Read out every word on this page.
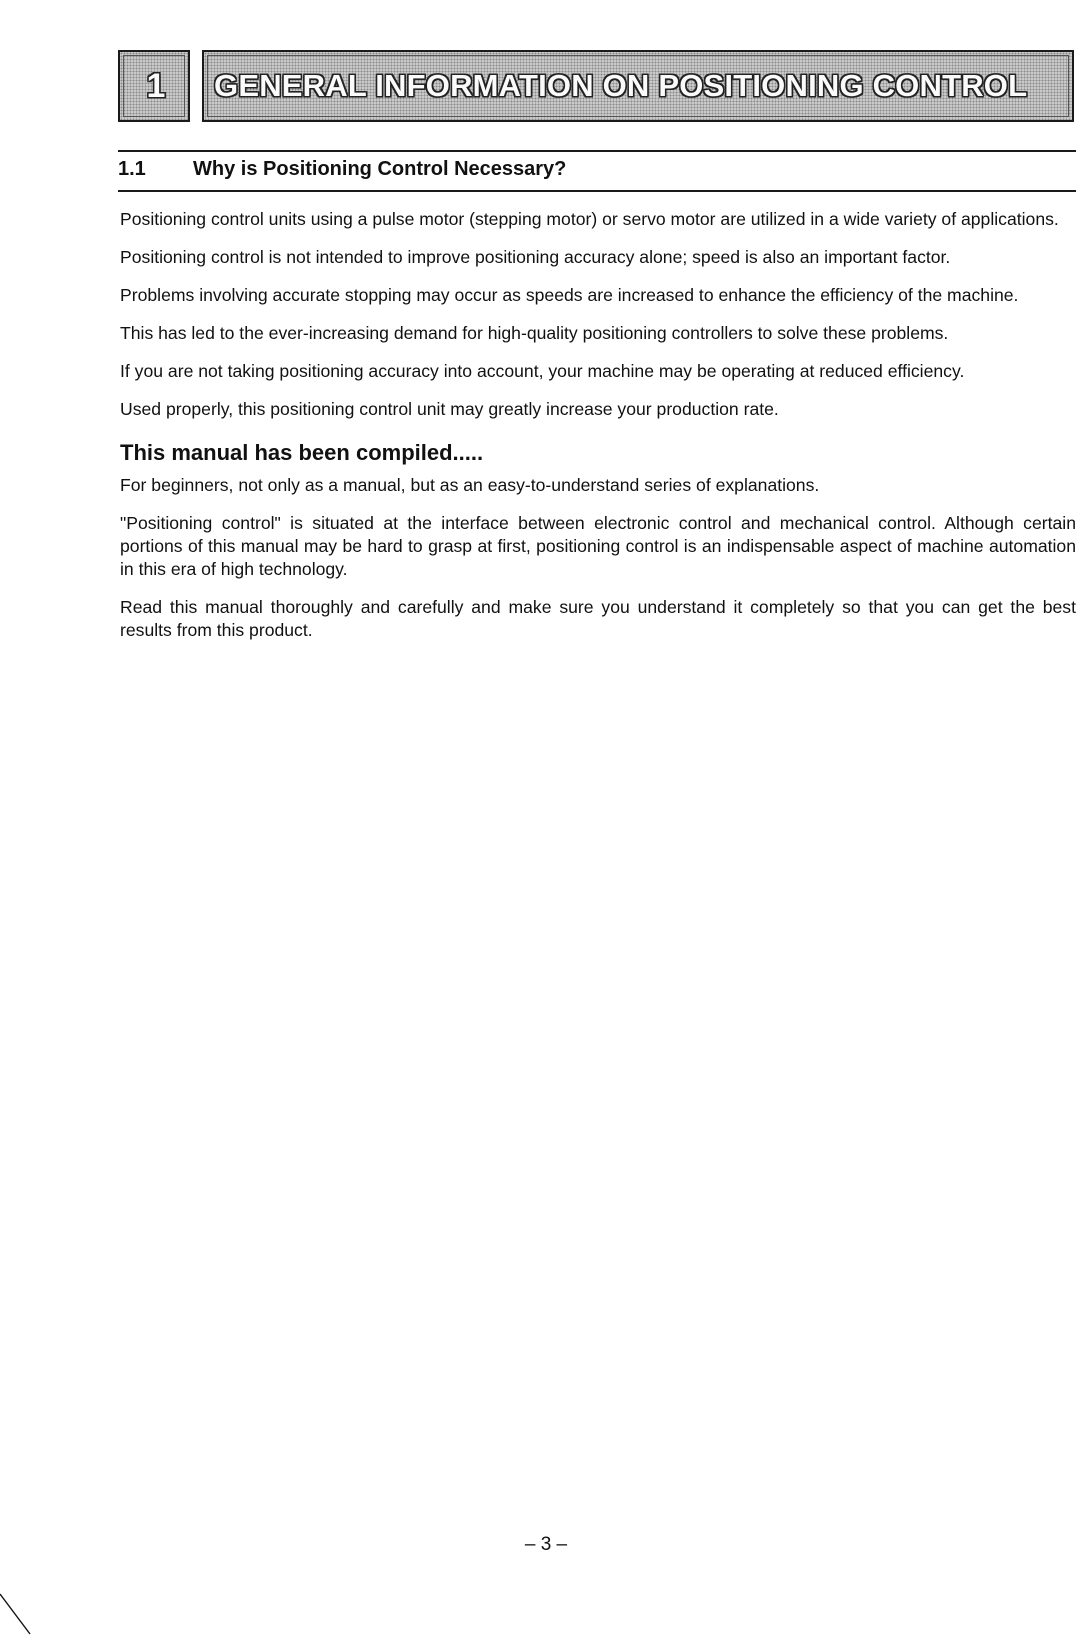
1	GENERAL INFORMATION ON POSITIONING CONTROL
1.1 Why is Positioning Control Necessary?

Positioning control units using a pulse motor (stepping motor) or servo motor are utilized in a wide variety of applications.

Positioning control is not intended to improve positioning accuracy alone; speed is also an important factor.

Problems involving accurate stopping may occur as speeds are increased to enhance the efficiency of the machine.

This has led to the ever-increasing demand for high-quality positioning controllers to solve these problems.

If you are not taking positioning accuracy into account, your machine may be operating at reduced efficiency.

Used properly, this positioning control unit may greatly increase your production rate.

This manual has been compiled.....

For beginners, not only as a manual, but as an easy-to-understand series of explanations.

"Positioning control" is situated at the interface between electronic control and mechanical control. Although certain portions of this manual may be hard to grasp at first, positioning control is an indispensable aspect of machine automation in this era of high technology.

Read this manual thoroughly and carefully and make sure you understand it completely so that you can get the best results from this product.

– 3 –
